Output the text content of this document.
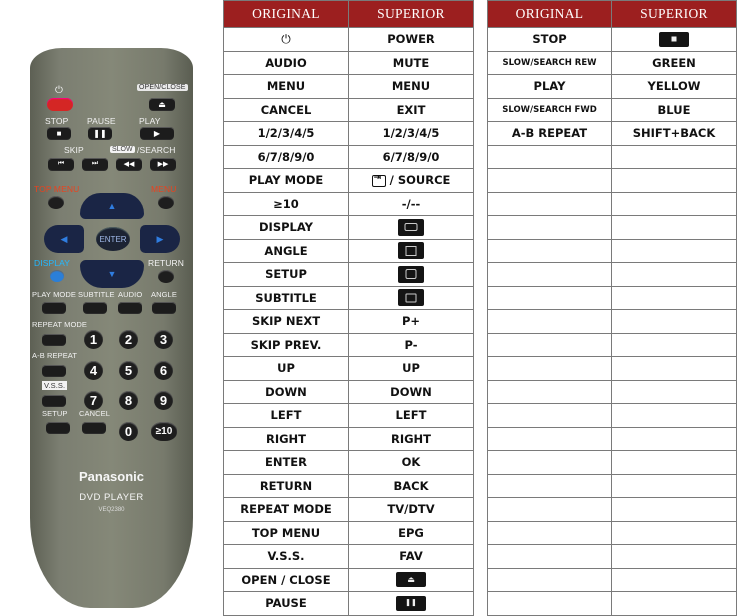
⏻	OPEN/CLOSE
⏏
STOP PAUSE	PLAY
■	❚❚	▶
SKIP	SLOW /SEARCH
⏮	⏭	◀◀	▶▶
TOP MENU	MENU
▲
▼
◀	▶
ENTER
DISPLAY	RETURN
PLAY MODE SUBTITLE AUDIO ANGLE
REPEAT MODE
1	2	3
A-B REPEAT
4	5	6
V.S.S.
7	8	9
SETUP CANCEL
0	≥10
Panasonic
DVD PLAYER
VEQ2380
ORIGINAL	SUPERIOR
⏻	POWER
AUDIO	MUTE
MENU	MENU
CANCEL	EXIT
1/2/3/4/5	1/2/3/4/5
6/7/8/9/0	6/7/8/9/0
PLAY MODE	⇥ / SOURCE
≥10	-/--
DISPLAY	

ANGLE	

SETUP	

SUBTITLE	

SKIP NEXT	P+
SKIP PREV.	P-
UP	UP
DOWN	DOWN
LEFT	LEFT
RIGHT	RIGHT
ENTER	OK
RETURN	BACK
REPEAT MODE	TV/DTV
TOP MENU	EPG
V.S.S.	FAV
OPEN / CLOSE	⏏

PAUSE	❚❚
ORIGINAL	SUPERIOR
STOP	

SLOW/SEARCH REW	GREEN
PLAY	YELLOW
SLOW/SEARCH FWD	BLUE
A-B REPEAT	SHIFT+BACK
